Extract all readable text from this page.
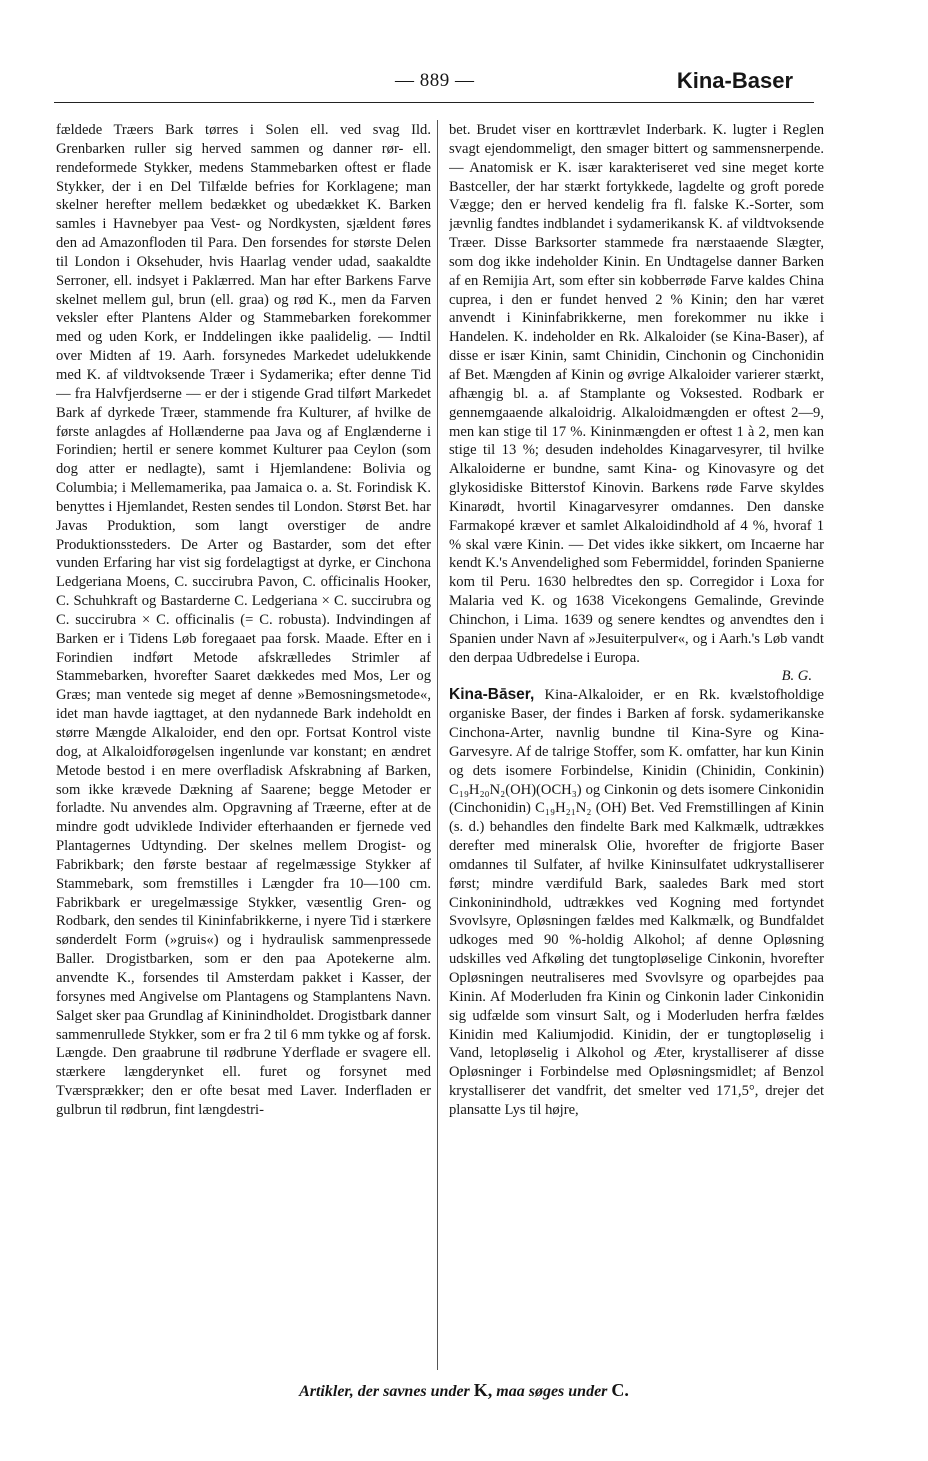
— 889 —	Kina-Baser

fældede Træers Bark tørres i Solen ell. ved svag Ild. Grenbarken ruller sig herved sammen og danner rør- ell. rendeformede Stykker, medens Stammebarken oftest er flade Stykker, der i en Del Tilfælde befries for Korklagene; man skelner herefter mellem bedækket og ubedækket K. Barken samles i Havnebyer paa Vest- og Nordkysten, sjældent føres den ad Amazonfloden til Para. Den forsendes for største Delen til London i Oksehuder, hvis Haarlag vender udad, saakaldte Serroner, ell. indsyet i Paklærred. Man har efter Barkens Farve skelnet mellem gul, brun (ell. graa) og rød K., men da Farven veksler efter Plantens Alder og Stammebarken forekommer med og uden Kork, er Inddelingen ikke paalidelig. — Indtil over Midten af 19. Aarh. forsynedes Markedet udelukkende med K. af vildtvoksende Træer i Sydamerika; efter denne Tid — fra Halvfjerdserne — er der i stigende Grad tilført Markedet Bark af dyrkede Træer, stammende fra Kulturer, af hvilke de første anlagdes af Hollænderne paa Java og af Englænderne i Forindien; hertil er senere kommet Kulturer paa Ceylon (som dog atter er nedlagte), samt i Hjemlandene: Bolivia og Columbia; i Mellemamerika, paa Jamaica o. a. St. Forindisk K. benyttes i Hjemlandet, Resten sendes til London. Størst Bet. har Javas Produktion, som langt overstiger de andre Produktionssteders. De Arter og Bastarder, som det efter vunden Erfaring har vist sig fordelagtigst at dyrke, er Cinchona Ledgeriana Moens, C. succirubra Pavon, C. officinalis Hooker, C. Schuhkraft og Bastarderne C. Ledgeriana × C. succirubra og C. succirubra × C. officinalis (= C. robusta). Indvindingen af Barken er i Tidens Løb foregaaet paa forsk. Maade. Efter en i Forindien indført Metode afskrælledes Strimler af Stammebarken, hvorefter Saaret dækkedes med Mos, Ler og Græs; man ventede sig meget af denne »Bemosningsmetode«, idet man havde iagttaget, at den nydannede Bark indeholdt en større Mængde Alkaloider, end den opr. Fortsat Kontrol viste dog, at Alkaloidforøgelsen ingenlunde var konstant; en ændret Metode bestod i en mere overfladisk Afskrabning af Barken, som ikke krævede Dækning af Saarene; begge Metoder er forladte. Nu anvendes alm. Opgravning af Træerne, efter at de mindre godt udviklede Individer efterhaanden er fjernede ved Plantagernes Udtynding. Der skelnes mellem Drogist- og Fabrikbark; den første bestaar af regelmæssige Stykker af Stammebark, som fremstilles i Længder fra 10—100 cm. Fabrikbark er uregelmæssige Stykker, væsentlig Gren- og Rodbark, den sendes til Kininfabrikkerne, i nyere Tid i stærkere sønderdelt Form (»gruis«) og i hydraulisk sammenpressede Baller. Drogistbarken, som er den paa Apotekerne alm. anvendte K., forsendes til Amsterdam pakket i Kasser, der forsynes med Angivelse om Plantagens og Stamplantens Navn. Salget sker paa Grundlag af Kininindholdet. Drogistbark danner sammenrullede Stykker, som er fra 2 til 6 mm tykke og af forsk. Længde. Den graabrune til rødbrune Yderflade er svagere ell. stærkere længderynket ell. furet og forsynet med Tværsprækker; den er ofte besat med Laver. Inderfladen er gulbrun til rødbrun, fint længdestri-

bet. Brudet viser en korttrævlet Inderbark. K. lugter i Reglen svagt ejendommeligt, den smager bittert og sammensnerpende. — Anatomisk er K. især karakteriseret ved sine meget korte Bastceller, der har stærkt fortykkede, lagdelte og groft porede Vægge; den er herved kendelig fra fl. falske K.-Sorter, som jævnlig fandtes indblandet i sydamerikansk K. af vildtvoksende Træer. Disse Barksorter stammede fra nærstaaende Slægter, som dog ikke indeholder Kinin. En Undtagelse danner Barken af en Remijia Art, som efter sin kobberrøde Farve kaldes China cuprea, i den er fundet henved 2 % Kinin; den har været anvendt i Kininfabrikkerne, men forekommer nu ikke i Handelen. K. indeholder en Rk. Alkaloider (se Kina-Baser), af disse er især Kinin, samt Chinidin, Cinchonin og Cinchonidin af Bet. Mængden af Kinin og øvrige Alkaloider varierer stærkt, afhængig bl. a. af Stamplante og Voksested. Rodbark er gennemgaaende alkaloidrig. Alkaloidmængden er oftest 2—9, men kan stige til 17 %. Kininmængden er oftest 1 à 2, men kan stige til 13 %; desuden indeholdes Kinagarvesyrer, til hvilke Alkaloiderne er bundne, samt Kina- og Kinovasyre og det glykosidiske Bitterstof Kinovin. Barkens røde Farve skyldes Kinarødt, hvortil Kinagarvesyrer omdannes. Den danske Farmakopé kræver et samlet Alkaloidindhold af 4 %, hvoraf 1 % skal være Kinin. — Det vides ikke sikkert, om Incaerne har kendt K.'s Anvendelighed som Febermiddel, forinden Spanierne kom til Peru. 1630 helbredtes den sp. Corregidor i Loxa for Malaria ved K. og 1638 Vicekongens Gemalinde, Grevinde Chinchon, i Lima. 1639 og senere kendtes og anvendtes den i Spanien under Navn af »Jesuiterpulver«, og i Aarh.'s Løb vandt den derpaa Udbredelse i Europa.

B. G.

Kina-Bāser, Kina-Alkaloider, er en Rk. kvælstofholdige organiske Baser, der findes i Barken af forsk. sydamerikanske Cinchona-Arter, navnlig bundne til Kina-Syre og Kina-Garvesyre. Af de talrige Stoffer, som K. omfatter, har kun Kinin og dets isomere Forbindelse, Kinidin (Chinidin, Conkinin) C₁₉H₂₀N₂(OH)(OCH₃) og Cinkonin og dets isomere Cinkonidin (Cinchonidin) C₁₉H₂₁N₂ (OH) Bet. Ved Fremstillingen af Kinin (s. d.) behandles den findelte Bark med Kalkmælk, udtrækkes derefter med mineralsk Olie, hvorefter de frigjorte Baser omdannes til Sulfater, af hvilke Kininsulfatet udkrystalliserer først; mindre værdifuld Bark, saaledes Bark med stort Cinkoninindhold, udtrækkes ved Kogning med fortyndet Svovlsyre, Opløsningen fældes med Kalkmælk, og Bundfaldet udkoges med 90 %-holdig Alkohol; af denne Opløsning udskilles ved Afkøling det tungtopløselige Cinkonin, hvorefter Opløsningen neutraliseres med Svovlsyre og oparbejdes paa Kinin. Af Moderluden fra Kinin og Cinkonin lader Cinkonidin sig udfælde som vinsurt Salt, og i Moderluden herfra fældes Kinidin med Kaliumjodid. Kinidin, der er tungtopløselig i Vand, letopløselig i Alkohol og Æter, krystalliserer af disse Opløsninger i Forbindelse med Opløsningsmidlet; af Benzol krystalliserer det vandfrit, det smelter ved 171,5°, drejer det plansatte Lys til højre,

Artikler, der savnes under K, maa søges under C.
